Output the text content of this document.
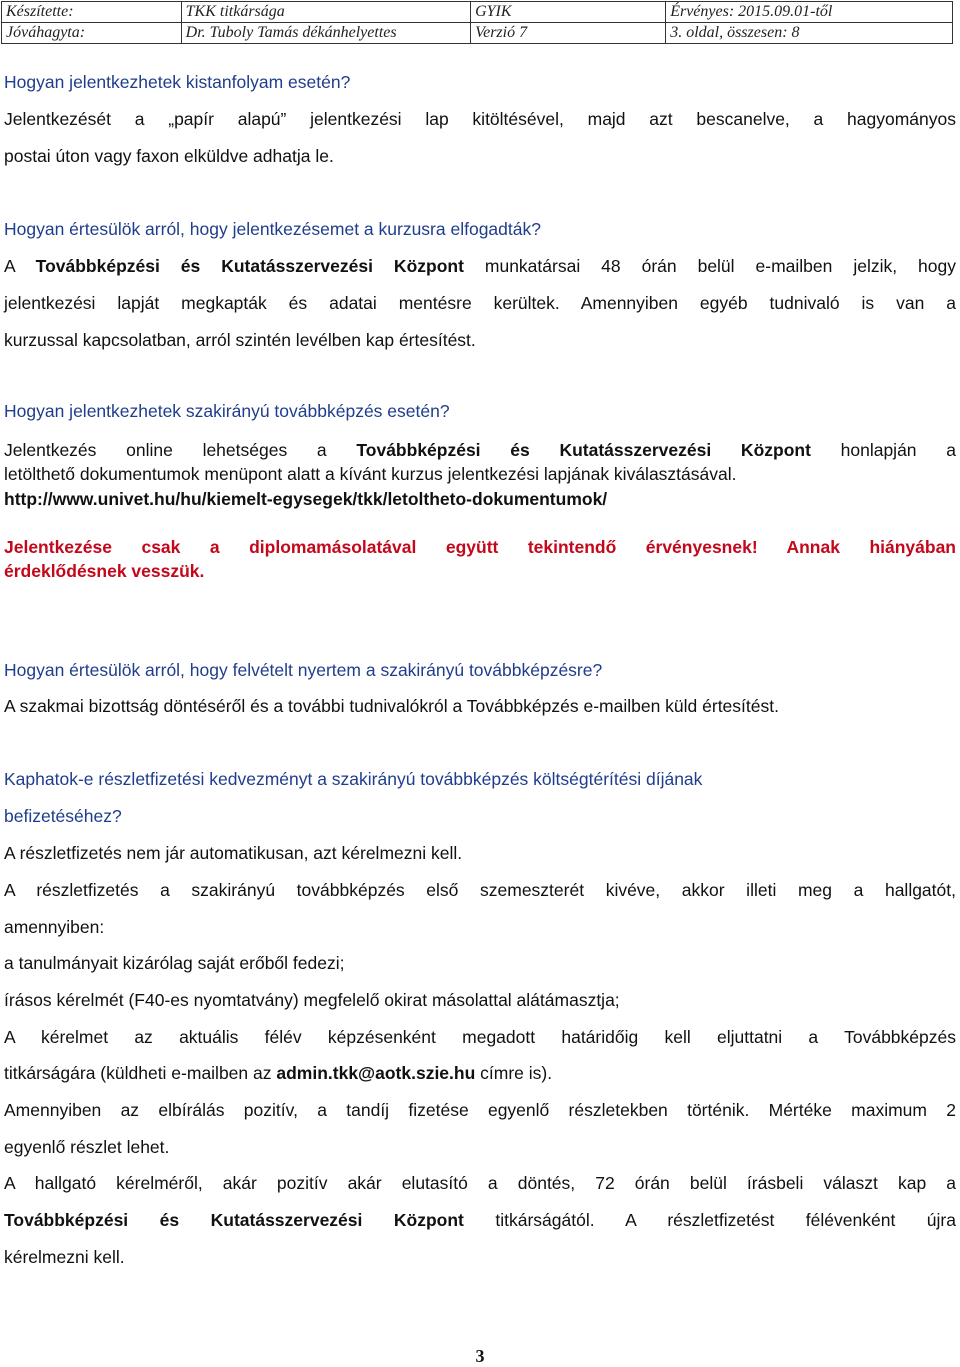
Készítette:	TKK titkársága	GYIK	Érvényes: 2015.09.01-től
Jóváhagyta:	Dr. Tuboly Tamás dékánhelyettes	Verzió 7	3. oldal, összesen: 8
Hogyan jelentkezhetek kistanfolyam esetén?
Jelentkezését a „papír alapú” jelentkezési lap kitöltésével, majd azt bescanelve, a hagyományos
postai úton vagy faxon elküldve adhatja le.
Hogyan értesülök arról, hogy jelentkezésemet a kurzusra elfogadták?
A Továbbképzési és Kutatásszervezési Központ munkatársai 48 órán belül e-mailben jelzik, hogy
jelentkezési lapját megkapták és adatai mentésre kerültek. Amennyiben egyéb tudnivaló is van a
kurzussal kapcsolatban, arról szintén levélben kap értesítést.
Hogyan jelentkezhetek szakirányú továbbképzés esetén?
Jelentkezés online lehetséges a Továbbképzési és Kutatásszervezési Központ honlapján a
letölthető dokumentumok menüpont alatt a kívánt kurzus jelentkezési lapjának kiválasztásával.
http://www.univet.hu/hu/kiemelt-egysegek/tkk/letoltheto-dokumentumok/
Jelentkezése csak a diplomamásolatával együtt tekintendő érvényesnek! Annak hiányában
érdeklődésnek vesszük.
Hogyan értesülök arról, hogy felvételt nyertem a szakirányú továbbképzésre?
A szakmai bizottság döntéséről és a további tudnivalókról a Továbbképzés e-mailben küld értesítést.
Kaphatok-e részletfizetési kedvezményt a szakirányú továbbképzés költségtérítési díjának
befizetéséhez?
A részletfizetés nem jár automatikusan, azt kérelmezni kell.
A részletfizetés a szakirányú továbbképzés első szemeszterét kivéve, akkor illeti meg a hallgatót,
amennyiben:
a tanulmányait kizárólag saját erőből fedezi;
írásos kérelmét (F40-es nyomtatvány) megfelelő okirat másolattal alátámasztja;
A kérelmet az aktuális félév képzésenként megadott határidőig kell eljuttatni a Továbbképzés
titkárságára (küldheti e-mailben az admin.tkk@aotk.szie.hu címre is).
Amennyiben az elbírálás pozitív, a tandíj fizetése egyenlő részletekben történik. Mértéke maximum 2
egyenlő részlet lehet.
A hallgató kérelméről, akár pozitív akár elutasító a döntés, 72 órán belül írásbeli választ kap a
Továbbképzési és Kutatásszervezési Központ titkárságától. A részletfizetést félévenként újra
kérelmezni kell.
3
